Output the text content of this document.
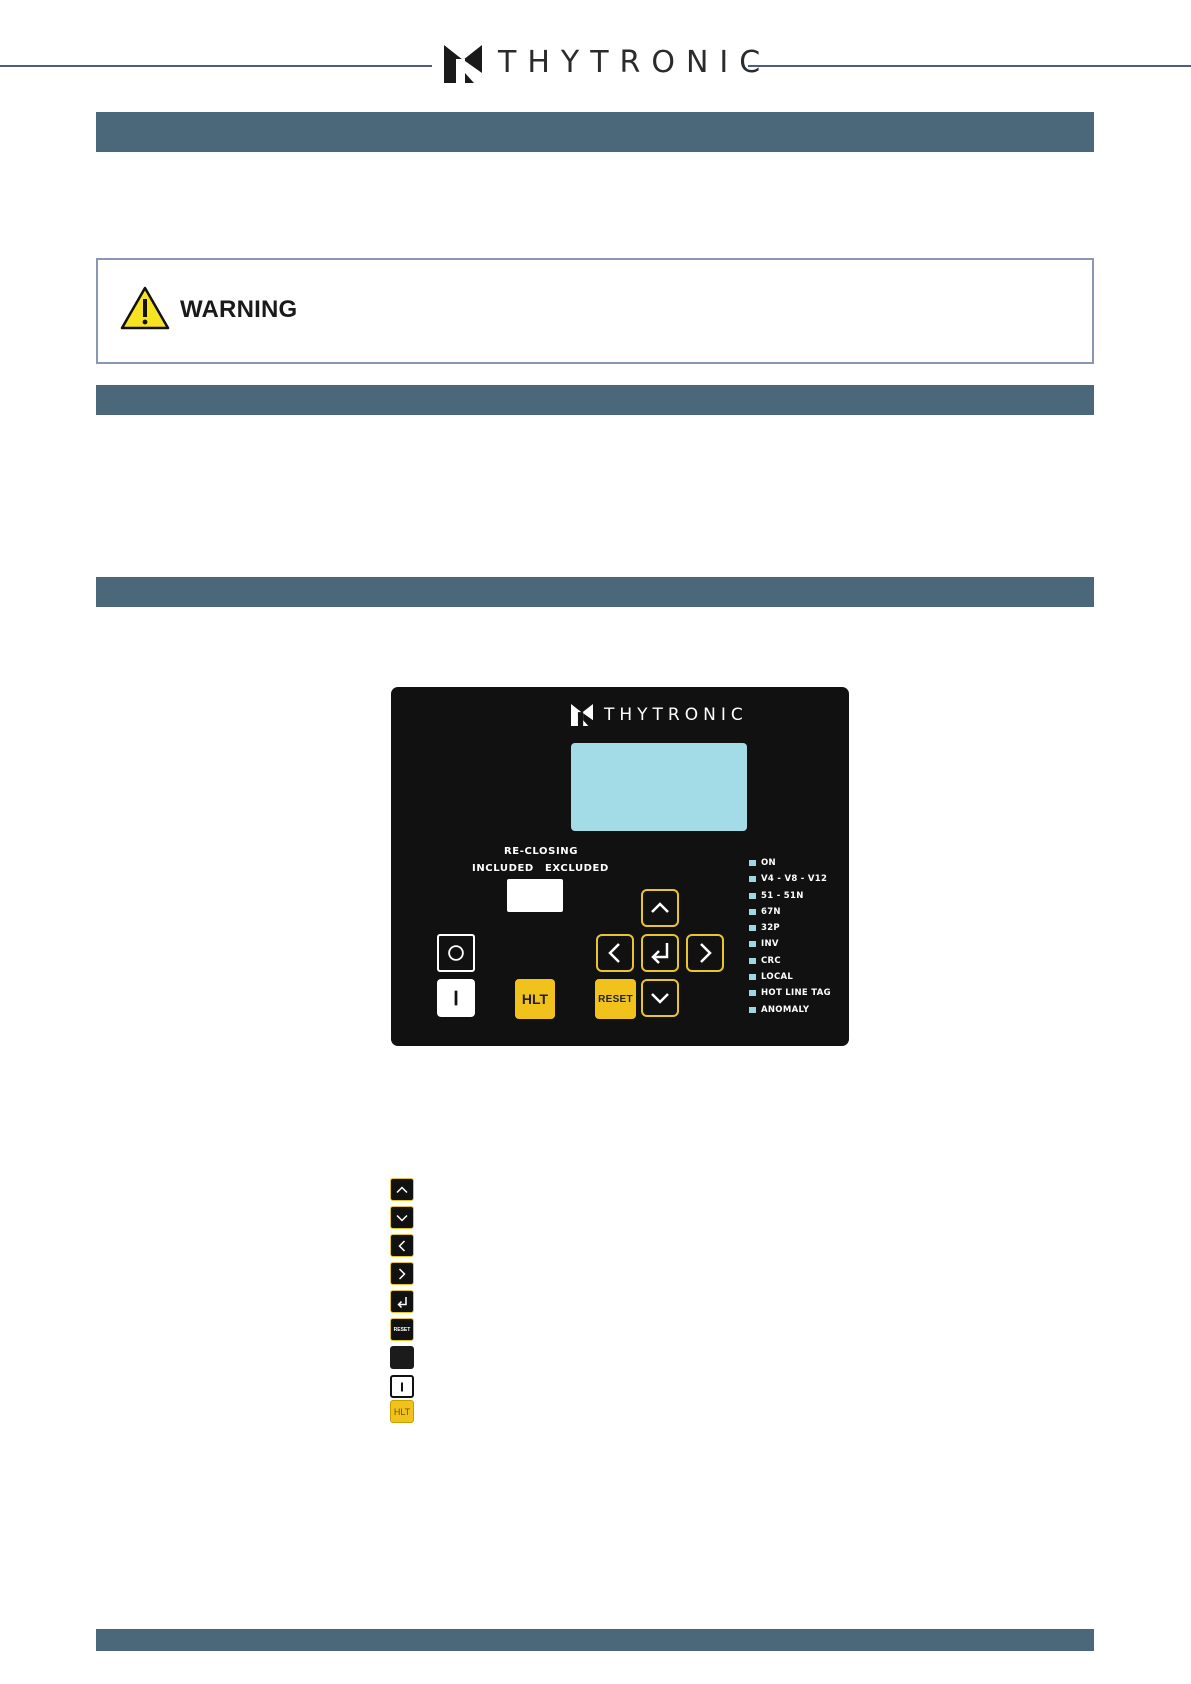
THYTRONIC
WARNING
THYTRONIC
RE-CLOSING
INCLUDED EXCLUDED
HLT	RESET
ON
V4 - V8 - V12
51 - 51N
67N
32P
INV
CRC
LOCAL
HOT LINE TAG
ANOMALY
RESET
HLT
